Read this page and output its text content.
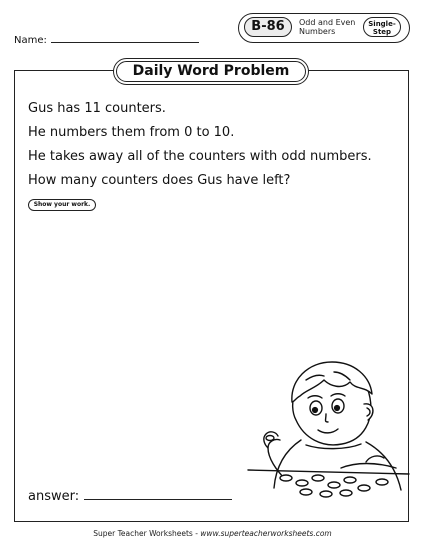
Name:
B-86	Odd and Even
Numbers
Single-
Step
Daily Word Problem
Gus has 11 counters.
He numbers them from 0 to 10.
He takes away all of the counters with odd numbers.
How many counters does Gus have left?
Show your work.
answer:
Super Teacher Worksheets - www.superteacherworksheets.com
